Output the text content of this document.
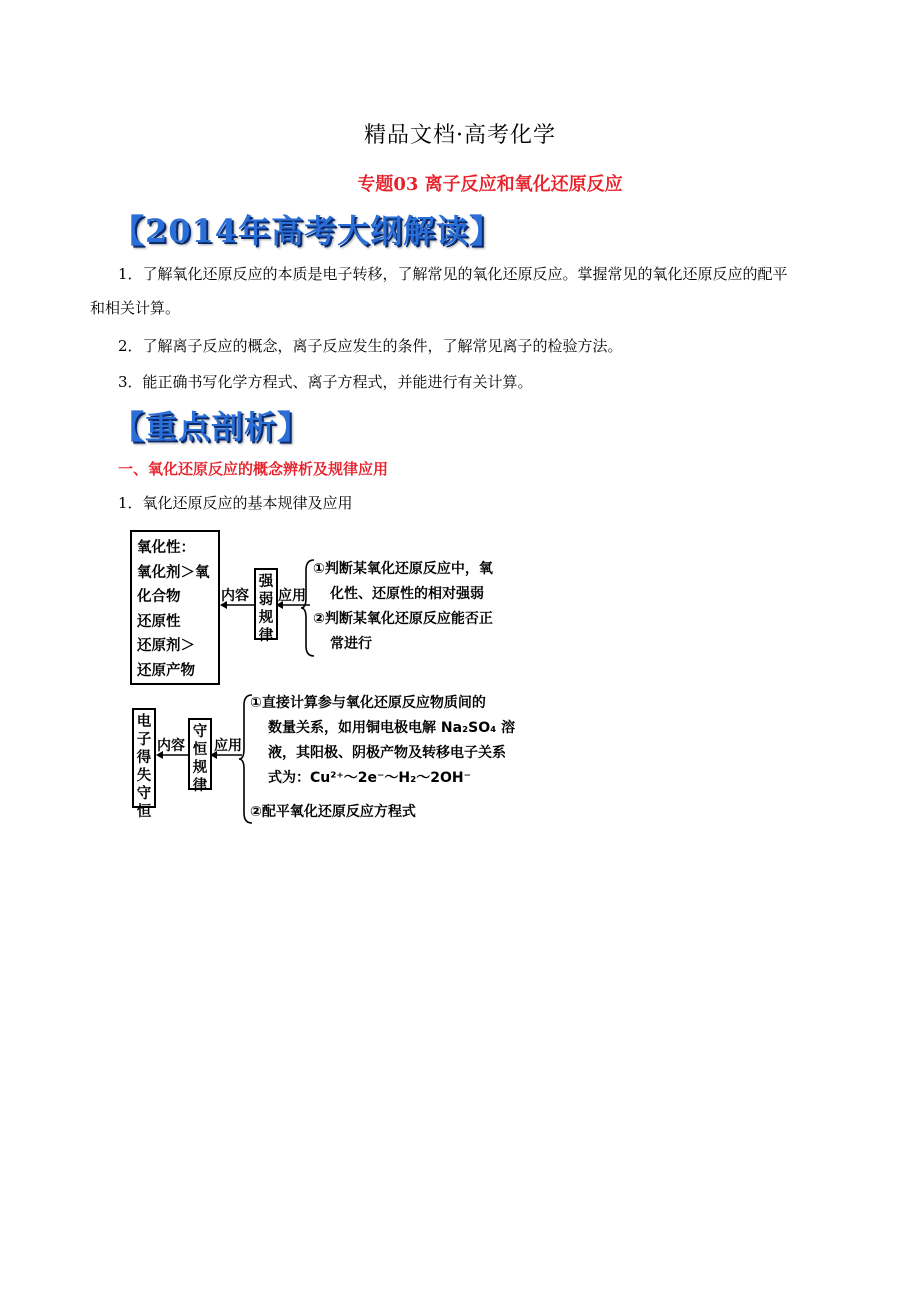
精品文档·高考化学
专题03 离子反应和氧化还原反应
【2014年高考大纲解读】
1．了解氧化还原反应的本质是电子转移，了解常见的氧化还原反应。掌握常见的氧化还原反应的配平
和相关计算。
2．了解离子反应的概念，离子反应发生的条件，了解常见离子的检验方法。
3．能正确书写化学方程式、离子方程式，并能进行有关计算。
【重点剖析】
一、氧化还原反应的概念辨析及规律应用
1．氧化还原反应的基本规律及应用
氧化性：
氧化剂＞氧
化合物
还原性
还原剂＞
还原产物
内容 应用
强
弱
规
律
①判断某氧化还原反应中，氧
化性、还原性的相对强弱
②判断某氧化还原反应能否正
常进行
电
子
得
失
守
恒
内容 应用
守
恒
规
律
①直接计算参与氧化还原反应物质间的
数量关系，如用铜电极电解 Na₂SO₄ 溶
液，其阳极、阴极产物及转移电子关系
式为：Cu²⁺～2e⁻～H₂～2OH⁻
②配平氧化还原反应方程式
